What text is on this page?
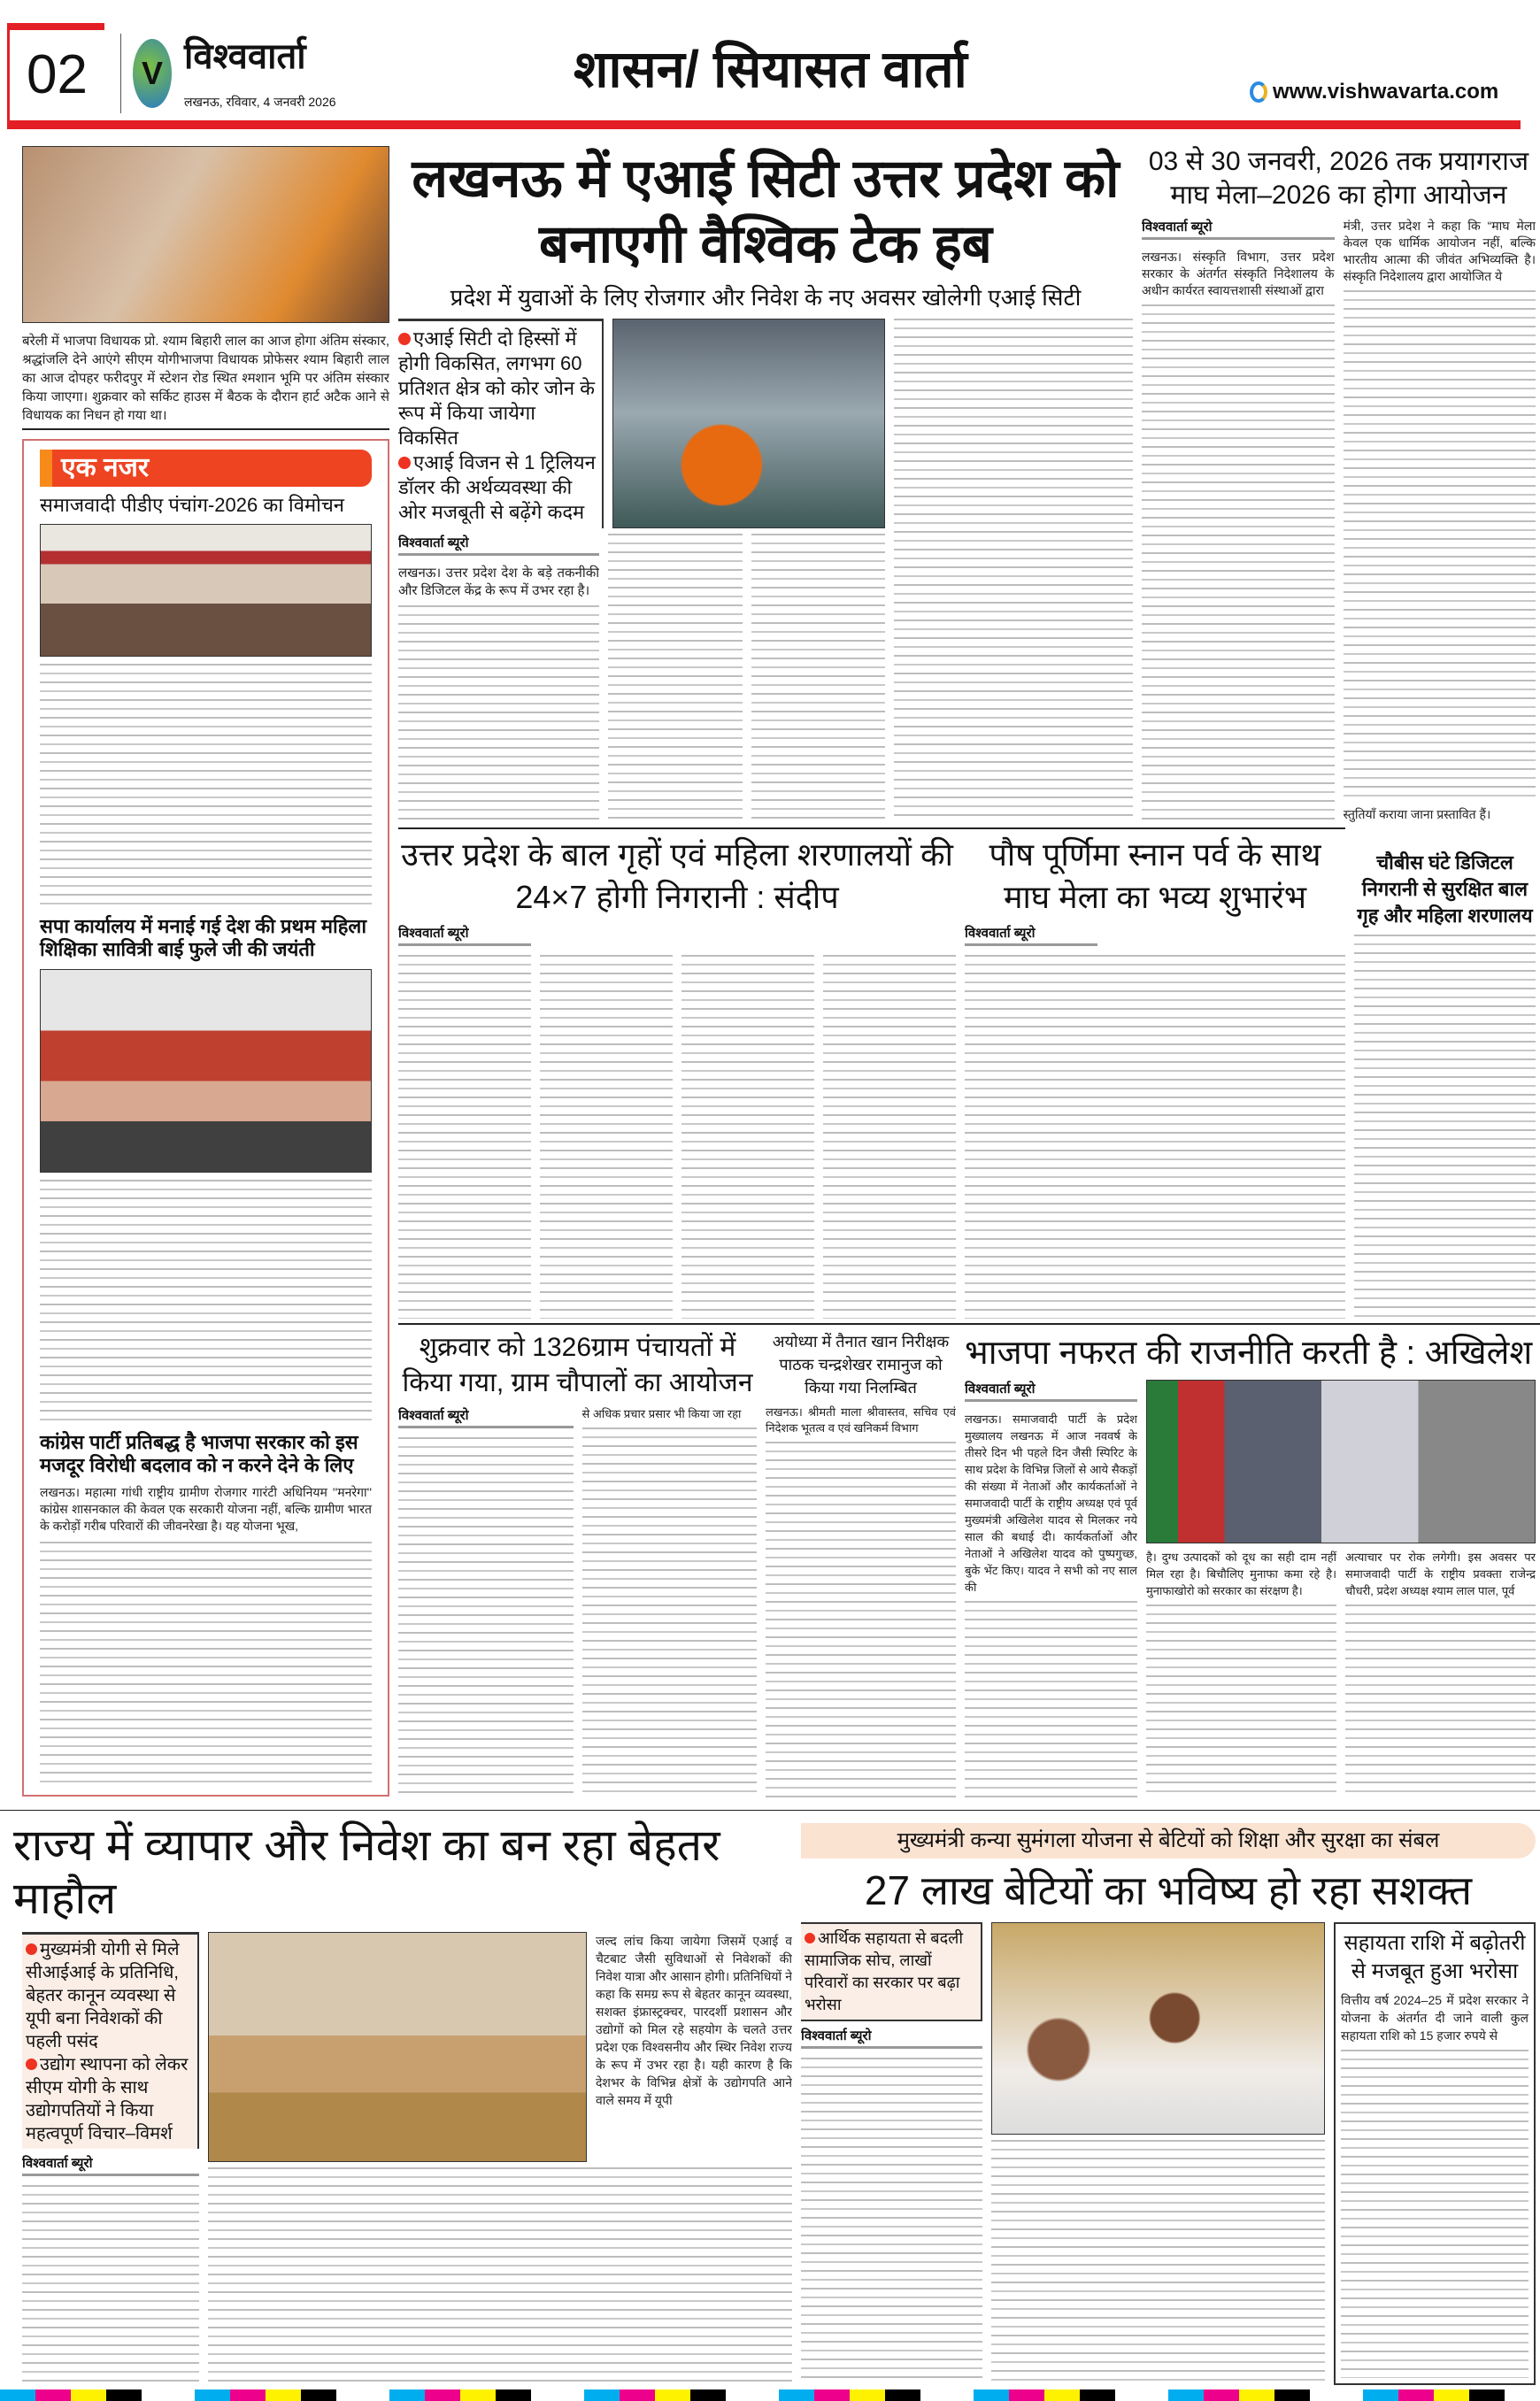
02 V विश्ववार्ता
लखनऊ, रविवार, 4 जनवरी 2026
शासन/ सियासत वार्ता	www.vishwavarta.com
बरेली में भाजपा विधायक प्रो. श्याम बिहारी लाल का आज होगा अंतिम संस्कार, श्रद्धांजलि देने आएंगे सीएम योगीभाजपा विधायक प्रोफेसर श्याम बिहारी लाल का आज दोपहर फरीदपुर में स्टेशन रोड स्थित श्मशान भूमि पर अंतिम संस्कार किया जाएगा। शुक्रवार को सर्किट हाउस में बैठक के दौरान हार्ट अटैक आने से विधायक का निधन हो गया था।
एक नजर
समाजवादी पीडीए पंचांग-2026 का विमोचन
सपा कार्यालय में मनाई गई देश की प्रथम महिला शिक्षिका सावित्री बाई फुले जी की जयंती
कांग्रेस पार्टी प्रतिबद्ध है भाजपा सरकार को इस मजदूर विरोधी बदलाव को न करने देने के लिए
लखनऊ। महात्मा गांधी राष्ट्रीय ग्रामीण रोजगार गारंटी अधिनियम ''मनरेगा'' कांग्रेस शासनकाल की केवल एक सरकारी योजना नहीं, बल्कि ग्रामीण भारत के करोड़ों गरीब परिवारों की जीवनरेखा है। यह योजना भूख,
लखनऊ में एआई सिटी उत्तर प्रदेश को बनाएगी वैश्विक टेक हब
प्रदेश में युवाओं के लिए रोजगार और निवेश के नए अवसर खोलेगी एआई सिटी
एआई सिटी दो हिस्सों में होगी विकसित, लगभग 60 प्रतिशत क्षेत्र को कोर जोन के रूप में किया जायेगा विकसित
एआई विजन से 1 ट्रिलियन डॉलर की अर्थव्यवस्था की ओर मजबूती से बढ़ेंगे कदम
विश्ववार्ता ब्यूरो
लखनऊ। उत्तर प्रदेश देश के बड़े तकनीकी और डिजिटल केंद्र के रूप में उभर रहा है।
03 से 30 जनवरी, 2026 तक प्रयागराज माघ मेला–2026 का होगा आयोजन
विश्ववार्ता ब्यूरो
लखनऊ। संस्कृति विभाग, उत्तर प्रदेश सरकार के अंतर्गत संस्कृति निदेशालय के अधीन कार्यरत स्वायत्तशासी संस्थाओं द्वारा
मंत्री, उत्तर प्रदेश ने कहा कि “माघ मेला केवल एक धार्मिक आयोजन नहीं, बल्कि भारतीय आत्मा की जीवंत अभिव्यक्ति है। संस्कृति निदेशालय द्वारा आयोजित ये
स्तुतियाँ कराया जाना प्रस्तावित हैं।
चौबीस घंटे डिजिटल निगरानी से सुरक्षित बाल गृह और महिला शरणालय
उत्तर प्रदेश के बाल गृहों एवं महिला शरणालयों की 24×7 होगी निगरानी : संदीप
विश्ववार्ता ब्यूरो
पौष पूर्णिमा स्नान पर्व के साथ माघ मेला का भव्य शुभारंभ
विश्ववार्ता ब्यूरो
शुक्रवार को 1326ग्राम पंचायतों में किया गया, ग्राम चौपालों का आयोजन
विश्ववार्ता ब्यूरो	से अधिक प्रचार प्रसार भी किया जा रहा
अयोध्या में तैनात खान निरीक्षक पाठक चन्द्रशेखर रामानुज को किया गया निलम्बित
लखनऊ। श्रीमती माला श्रीवास्तव, सचिव एवं निदेशक भूतत्व व एवं खनिकर्म विभाग
भाजपा नफरत की राजनीति करती है : अखिलेश
विश्ववार्ता ब्यूरो
लखनऊ। समाजवादी पार्टी के प्रदेश मुख्यालय लखनऊ में आज नववर्ष के तीसरे दिन भी पहले दिन जैसी स्पिरिट के साथ प्रदेश के विभिन्न जिलों से आये सैकड़ों की संख्या में नेताओं और कार्यकर्ताओं ने समाजवादी पार्टी के राष्ट्रीय अध्यक्ष एवं पूर्व मुख्यमंत्री अखिलेश यादव से मिलकर नये साल की बधाई दी। कार्यकर्ताओं और नेताओं ने अखिलेश यादव को पुष्पगुच्छ, बुके भेंट किए। यादव ने सभी को नए साल की
है। दुग्ध उत्पादकों को दूध का सही दाम नहीं मिल रहा है। बिचौलिए मुनाफा कमा रहे है। मुनाफाखोरो को सरकार का संरक्षण है।
अत्याचार पर रोक लगेगी। इस अवसर पर समाजवादी पार्टी के राष्ट्रीय प्रवक्ता राजेन्द्र चौधरी, प्रदेश अध्यक्ष श्याम लाल पाल, पूर्व
राज्य में व्यापार और निवेश का बन रहा बेहतर माहौल
मुख्यमंत्री योगी से मिले सीआईआई के प्रतिनिधि, बेहतर कानून व्यवस्था से यूपी बना निवेशकों की पहली पसंद
उद्योग स्थापना को लेकर सीएम योगी के साथ उद्योगपतियों ने किया महत्वपूर्ण विचार–विमर्श
विश्ववार्ता ब्यूरो
जल्द लांच किया जायेगा जिसमें एआई व चैटबाट जैसी सुविधाओं से निवेशकों की निवेश यात्रा और आसान होगी। प्रतिनिधियों ने कहा कि समग्र रूप से बेहतर कानून व्यवस्था, सशक्त इंफ्रास्ट्रक्चर, पारदर्शी प्रशासन और उद्योगों को मिल रहे सहयोग के चलते उत्तर प्रदेश एक विश्वसनीय और स्थिर निवेश राज्य के रूप में उभर रहा है। यही कारण है कि देशभर के विभिन्न क्षेत्रों के उद्योगपति आने वाले समय में यूपी
मुख्यमंत्री कन्या सुमंगला योजना से बेटियों को शिक्षा और सुरक्षा का संबल
27 लाख बेटियों का भविष्य हो रहा सशक्त
आर्थिक सहायता से बदली सामाजिक सोच, लाखों परिवारों का सरकार पर बढ़ा भरोसा
विश्ववार्ता ब्यूरो
सहायता राशि में बढ़ोतरी से मजबूत हुआ भरोसा
वित्तीय वर्ष 2024–25 में प्रदेश सरकार ने योजना के अंतर्गत दी जाने वाली कुल सहायता राशि को 15 हजार रुपये से
